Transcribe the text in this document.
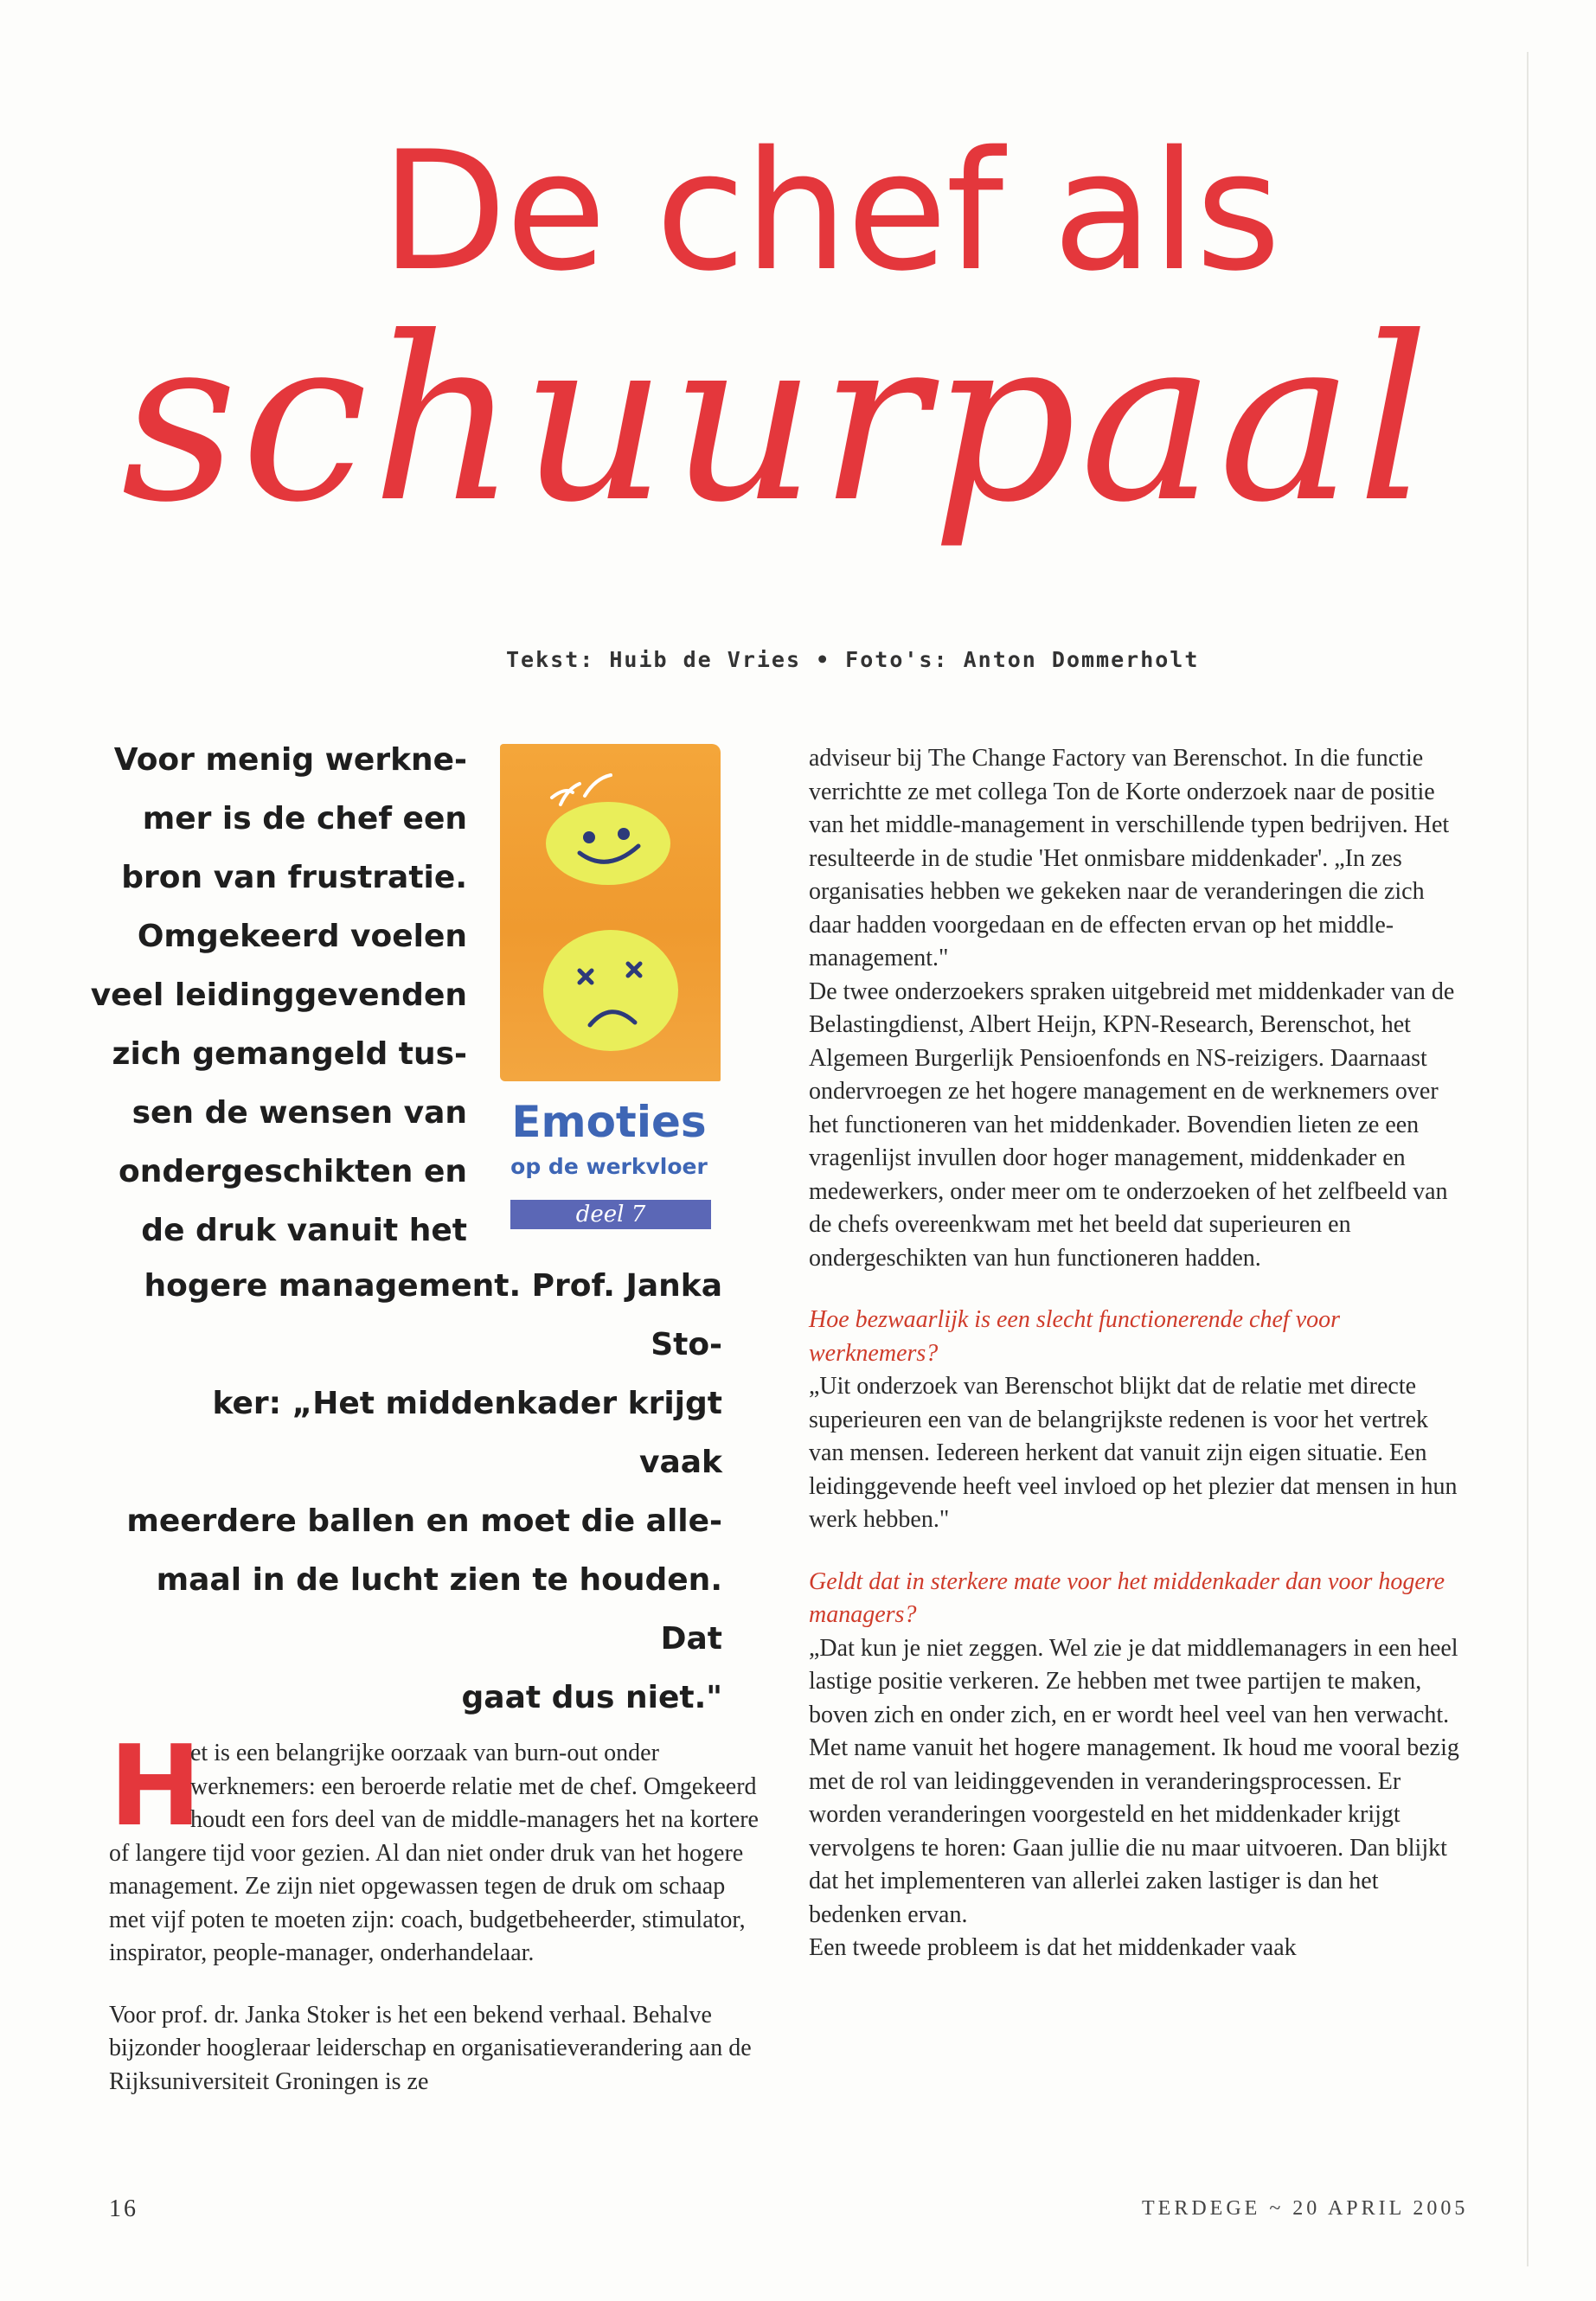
De chef als
schuurpaal
Tekst: Huib de Vries • Foto's: Anton Dommerholt

Voor menig werkne-

mer is de chef een

bron van frustratie.

Omgekeerd voelen

veel leidinggevenden

zich gemangeld tus-

sen de wensen van

ondergeschikten en

de druk vanuit het

hogere management. Prof. Janka Sto-

ker: „Het middenkader krijgt vaak

meerdere ballen en moet die alle-

maal in de lucht zien te houden. Dat

gaat dus niet."

Emoties
op de werkvloer
deel 7

adviseur bij The Change Factory van Berenschot. In die functie verrichtte ze met collega Ton de Korte onderzoek naar de positie van het middle-management in verschillende typen bedrijven. Het resulteerde in de studie 'Het onmisbare middenkader'. „In zes organisaties hebben we gekeken naar de veranderingen die zich daar hadden voorgedaan en de effecten ervan op het middle-management."

De twee onderzoekers spraken uitgebreid met middenkader van de Belastingdienst, Albert Heijn, KPN-Research, Berenschot, het Algemeen Burgerlijk Pensioenfonds en NS-reizigers. Daarnaast ondervroegen ze het hogere management en de werknemers over het functioneren van het middenkader. Bovendien lieten ze een vragenlijst invullen door hoger management, middenkader en medewerkers, onder meer om te onderzoeken of het zelfbeeld van de chefs overeenkwam met het beeld dat superieuren en ondergeschikten van hun functioneren hadden.

Hoe bezwaarlijk is een slecht functionerende chef voor werknemers?

„Uit onderzoek van Berenschot blijkt dat de relatie met directe superieuren een van de belangrijkste redenen is voor het vertrek van mensen. Iedereen herkent dat vanuit zijn eigen situatie. Een leidinggevende heeft veel invloed op het plezier dat mensen in hun werk hebben."

Geldt dat in sterkere mate voor het middenkader dan voor hogere managers?

„Dat kun je niet zeggen. Wel zie je dat middlemanagers in een heel lastige positie verkeren. Ze hebben met twee partijen te maken, boven zich en onder zich, en er wordt heel veel van hen verwacht. Met name vanuit het hogere management. Ik houd me vooral bezig met de rol van leidinggevenden in veranderingsprocessen. Er worden veranderingen voorgesteld en het middenkader krijgt vervolgens te horen: Gaan jullie die nu maar uitvoeren. Dan blijkt dat het implementeren van allerlei zaken lastiger is dan het bedenken ervan.

Een tweede probleem is dat het middenkader vaak

H
et is een belangrijke oorzaak van burn-out onder werknemers: een beroerde relatie met de chef. Omgekeerd houdt een fors deel van de middle-managers het na kortere of langere tijd voor gezien. Al dan niet onder druk van het hogere management. Ze zijn niet opgewassen tegen de druk om schaap met vijf poten te moeten zijn: coach, budgetbeheerder, stimulator, inspirator, people-manager, onderhandelaar.

Voor prof. dr. Janka Stoker is het een bekend verhaal. Behalve bijzonder hoogleraar leiderschap en organisatieverandering aan de Rijksuniversiteit Groningen is ze

16	TERDEGE ~ 20 APRIL 2005
